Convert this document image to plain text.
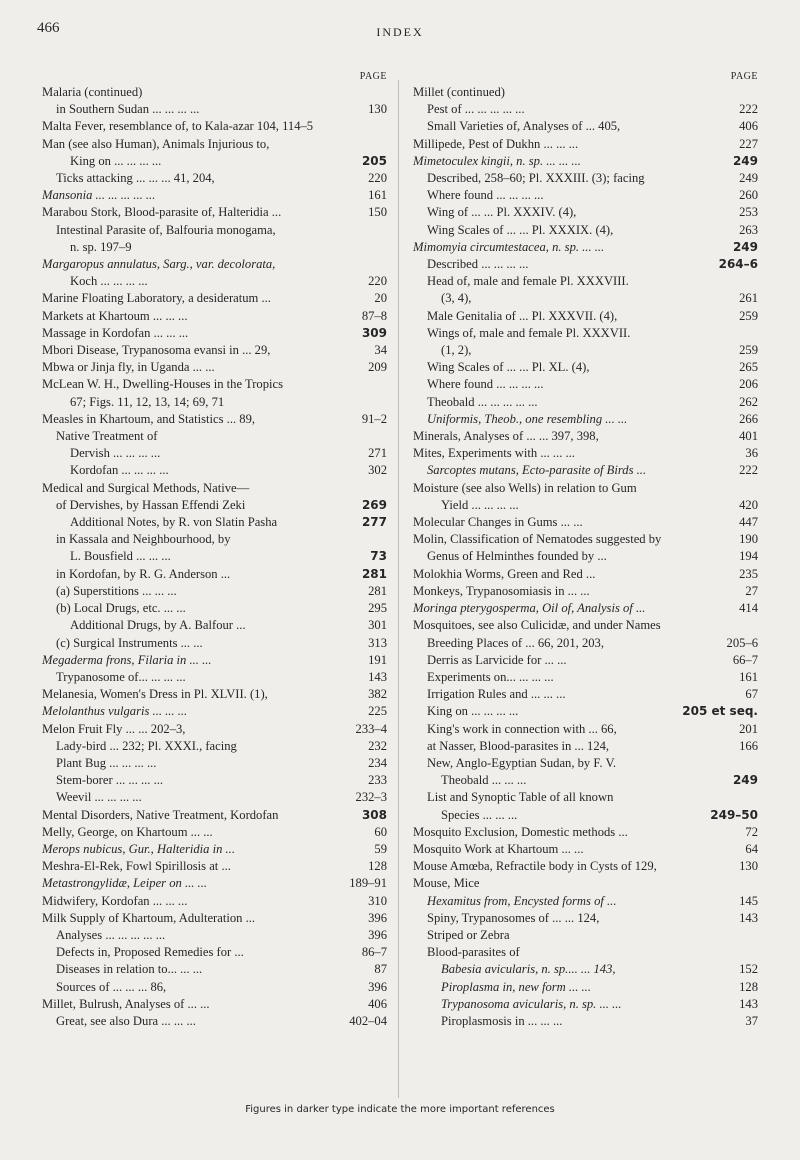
466	INDEX
PAGE
Malaria (continued)
in Southern Sudan ... ... ... ...	130
Malta Fever, resemblance of, to Kala-azar 104, 114–5
Man (see also Human), Animals Injurious to,
King on ... ... ... ...	205
Ticks attacking ... ... ... 41, 204,	220
Mansonia ... ... ... ... ...	161
Marabou Stork, Blood-parasite of, Halteridia ...	150
Intestinal Parasite of, Balfouria monogama,
n. sp. 197–9
Margaropus annulatus, Sarg., var. decolorata,
Koch ... ... ... ...	220
Marine Floating Laboratory, a desideratum ...	20
Markets at Khartoum ... ... ...	87–8
Massage in Kordofan ... ... ...	309
Mbori Disease, Trypanosoma evansi in ... 29,	34
Mbwa or Jinja fly, in Uganda ... ...	209
McLean W. H., Dwelling-Houses in the Tropics
67; Figs. 11, 12, 13, 14; 69, 71
Measles in Khartoum, and Statistics ... 89,	91–2
Native Treatment of
Dervish ... ... ... ...	271
Kordofan ... ... ... ...	302
Medical and Surgical Methods, Native—
of Dervishes, by Hassan Effendi Zeki	269
Additional Notes, by R. von Slatin Pasha	277
in Kassala and Neighbourhood, by
L. Bousfield ... ... ...	73
in Kordofan, by R. G. Anderson ...	281
(a) Superstitions ... ... ...	281
(b) Local Drugs, etc. ... ...	295
Additional Drugs, by A. Balfour ...	301
(c) Surgical Instruments ... ...	313
Megaderma frons, Filaria in ... ...	191
Trypanosome of... ... ... ...	143
Melanesia, Women's Dress in Pl. XLVII. (1),	382
Melolanthus vulgaris ... ... ...	225
Melon Fruit Fly ... ... 202–3,	233–4
Lady-bird ... 232; Pl. XXXI., facing	232
Plant Bug ... ... ... ...	234
Stem-borer ... ... ... ...	233
Weevil ... ... ... ...	232–3
Mental Disorders, Native Treatment, Kordofan	308
Melly, George, on Khartoum ... ...	60
Merops nubicus, Gur., Halteridia in ...	59
Meshra-El-Rek, Fowl Spirillosis at ...	128
Metastrongylidæ, Leiper on ... ...	189–91
Midwifery, Kordofan ... ... ...	310
Milk Supply of Khartoum, Adulteration ...	396
Analyses ... ... ... ... ...	396
Defects in, Proposed Remedies for ...	86–7
Diseases in relation to... ... ...	87
Sources of ... ... ... 86,	396
Millet, Bulrush, Analyses of ... ...	406
Great, see also Dura ... ... ...	402–04
PAGE
Millet (continued)
Pest of ... ... ... ... ...	222
Small Varieties of, Analyses of ... 405,	406
Millipede, Pest of Dukhn ... ... ...	227
Mimetoculex kingii, n. sp. ... ... ...	249
Described, 258–60; Pl. XXXIII. (3); facing	249
Where found ... ... ... ...	260
Wing of ... ... Pl. XXXIV. (4),	253
Wing Scales of ... ... Pl. XXXIX. (4),	263
Mimomyia circumtestacea, n. sp. ... ...	249
Described ... ... ... ...	264–6
Head of, male and female Pl. XXXVIII.
(3, 4),	261
Male Genitalia of ... Pl. XXXVII. (4),	259
Wings of, male and female Pl. XXXVII.
(1, 2),	259
Wing Scales of ... ... Pl. XL. (4),	265
Where found ... ... ... ...	206
Theobald ... ... ... ... ...	262
Uniformis, Theob., one resembling ... ...	266
Minerals, Analyses of ... ... 397, 398,	401
Mites, Experiments with ... ... ...	36
Sarcoptes mutans, Ecto-parasite of Birds ...	222
Moisture (see also Wells) in relation to Gum
Yield ... ... ... ...	420
Molecular Changes in Gums ... ...	447
Molin, Classification of Nematodes suggested by	190
Genus of Helminthes founded by ...	194
Molokhia Worms, Green and Red ...	235
Monkeys, Trypanosomiasis in ... ...	27
Moringa pterygosperma, Oil of, Analysis of ...	414
Mosquitoes, see also Culicidæ, and under Names
Breeding Places of ... 66, 201, 203,	205–6
Derris as Larvicide for ... ...	66–7
Experiments on... ... ... ...	161
Irrigation Rules and ... ... ...	67
King on ... ... ... ...	205 et seq.
King's work in connection with ... 66,	201
at Nasser, Blood-parasites in ... 124,	166
New, Anglo-Egyptian Sudan, by F. V.
Theobald ... ... ...	249
List and Synoptic Table of all known
Species ... ... ...	249–50
Mosquito Exclusion, Domestic methods ...	72
Mosquito Work at Khartoum ... ...	64
Mouse Amœba, Refractile body in Cysts of 129,	130
Mouse, Mice
Hexamitus from, Encysted forms of ...	145
Spiny, Trypanosomes of ... ... 124,	143
Striped or Zebra
Blood-parasites of
Babesia avicularis, n. sp.... ... 143,	152
Piroplasma in, new form ... ...	128
Trypanosoma avicularis, n. sp. ... ...	143
Piroplasmosis in ... ... ...	37
Figures in darker type indicate the more important references
